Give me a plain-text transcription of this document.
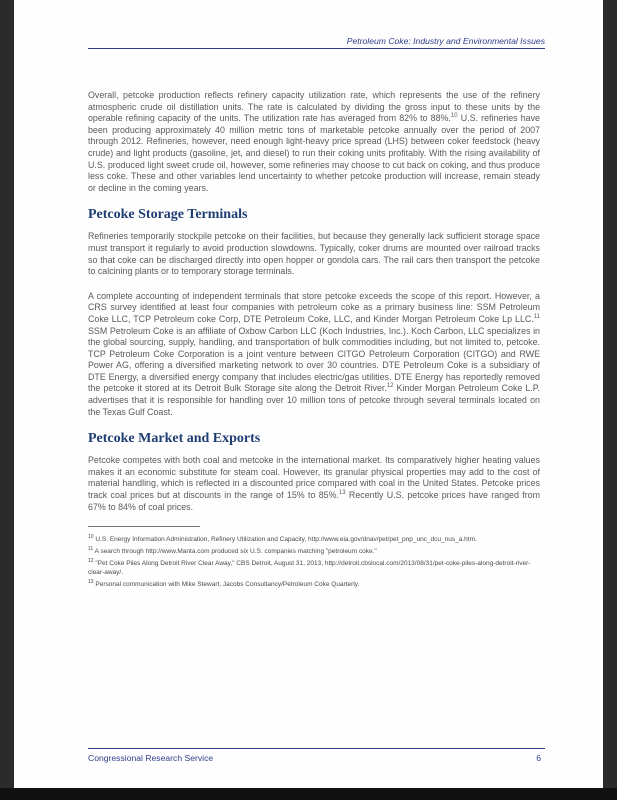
Petroleum Coke: Industry and Environmental Issues

Overall, petcoke production reflects refinery capacity utilization rate, which represents the use of the refinery atmospheric crude oil distillation units. The rate is calculated by dividing the gross input to these units by the operable refining capacity of the units. The utilization rate has averaged from 82% to 88%.$^{10}$ U.S. refineries have been producing approximately 40 million metric tons of marketable petcoke annually over the period of 2007 through 2012. Refineries, however, need enough light-heavy price spread (LHS) between coker feedstock (heavy crude) and light products (gasoline, jet, and diesel) to run their coking units profitably. With the rising availability of U.S. produced light sweet crude oil, however, some refineries may choose to cut back on coking, and thus produce less coke. These and other variables lend uncertainty to whether petcoke production will increase, remain steady or decline in the coming years.

Petcoke Storage Terminals

Refineries temporarily stockpile petcoke on their facilities, but because they generally lack sufficient storage space must transport it regularly to avoid production slowdowns. Typically, coker drums are mounted over railroad tracks so that coke can be discharged directly into open hopper or gondola cars. The rail cars then transport the petcoke to calcining plants or to temporary storage terminals.

A complete accounting of independent terminals that store petcoke exceeds the scope of this report. However, a CRS survey identified at least four companies with petroleum coke as a primary business line: SSM Petroleum Coke LLC, TCP Petroleum coke Corp, DTE Petroleum Coke, LLC, and Kinder Morgan Petroleum Coke Lp LLC.$^{11}$ SSM Petroleum Coke is an affiliate of Oxbow Carbon LLC (Koch Industries, Inc.). Koch Carbon, LLC specializes in the global sourcing, supply, handling, and transportation of bulk commodities including, but not limited to, petcoke. TCP Petroleum Coke Corporation is a joint venture between CITGO Petroleum Corporation (CITGO) and RWE Power AG, offering a diversified marketing network to over 30 countries. DTE Petroleum Coke is a subsidiary of DTE Energy, a diversified energy company that includes electric/gas utilities. DTE Energy has reportedly removed the petcoke it stored at its Detroit Bulk Storage site along the Detroit River.$^{12}$ Kinder Morgan Petroleum Coke L.P. advertises that it is responsible for handling over 10 million tons of petcoke through several terminals located on the Texas Gulf Coast.

Petcoke Market and Exports

Petcoke competes with both coal and metcoke in the international market. Its comparatively higher heating values makes it an economic substitute for steam coal. However, its granular physical properties may add to the cost of material handling, which is reflected in a discounted price compared with coal in the United States. Petcoke prices track coal prices but at discounts in the range of 15% to 85%.$^{13}$ Recently U.S. petcoke prices have ranged from 67% to 84% of coal prices.

$^{10}$ U.S. Energy Information Administration, Refinery Utilization and Capacity, http://www.eia.gov/dnav/pet/pet_pnp_unc_dcu_nus_a.htm.
$^{11}$ A search through http://www.Manta.com produced six U.S. companies matching "petroleum coke."
$^{12}$ "Pet Coke Piles Along Detroit River Clear Away," CBS Detroit, August 31, 2013, http://detroit.cbslocal.com/2013/08/31/pet-coke-piles-along-detroit-river-clear-away/.
$^{13}$ Personal communication with Mike Stewart, Jacobs Consultancy/Petroleum Coke Quarterly.
Congressional Research Service	6
